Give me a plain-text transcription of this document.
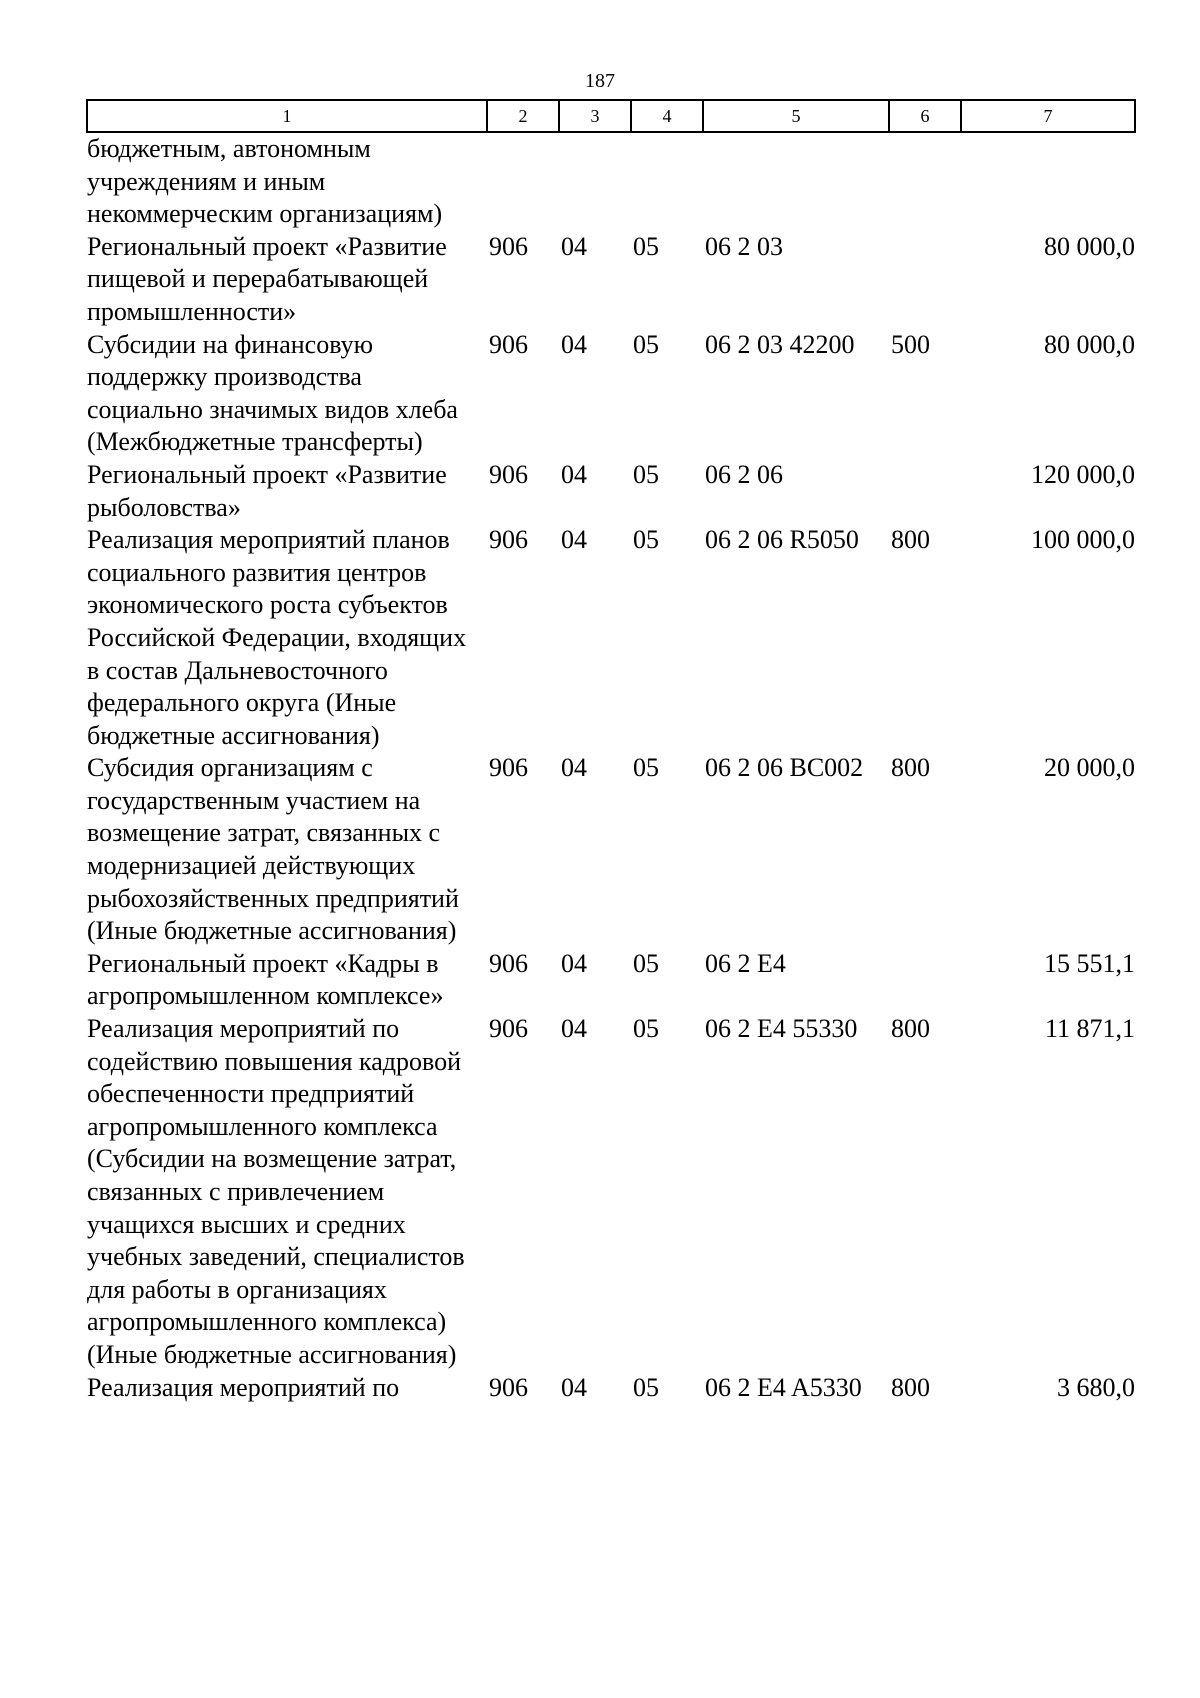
187
1	2	3	4	5	6	7
бюджетным, автономным учреждениям и иным некоммерческим организациям)						
Региональный проект «Развитие пищевой и перерабатывающей промышленности»	906	04	05	06 2 03		80 000,0
Субсидии на финансовую поддержку производства социально значимых видов хлеба (Межбюджетные трансферты)	906	04	05	06 2 03 42200	500	80 000,0
Региональный проект «Развитие рыболовства»	906	04	05	06 2 06		120 000,0
Реализация мероприятий планов социального развития центров экономического роста субъектов Российской Федерации, входящих в состав Дальневосточного федерального округа (Иные бюджетные ассигнования)	906	04	05	06 2 06 R5050	800	100 000,0
Субсидия организациям с государственным участием на возмещение затрат, связанных с модернизацией действующих рыбохозяйственных предприятий (Иные бюджетные ассигнования)	906	04	05	06 2 06 BC002	800	20 000,0
Региональный проект «Кадры в агропромышленном комплексе»	906	04	05	06 2 E4		15 551,1
Реализация мероприятий по содействию повышения кадровой обеспеченности предприятий агропромышленного комплекса (Субсидии на возмещение затрат, связанных с привлечением учащихся высших и средних учебных заведений, специалистов для работы в организациях агропромышленного комплекса) (Иные бюджетные ассигнования)	906	04	05	06 2 E4 55330	800	11 871,1
Реализация мероприятий по	906	04	05	06 2 E4 A5330	800	3 680,0
